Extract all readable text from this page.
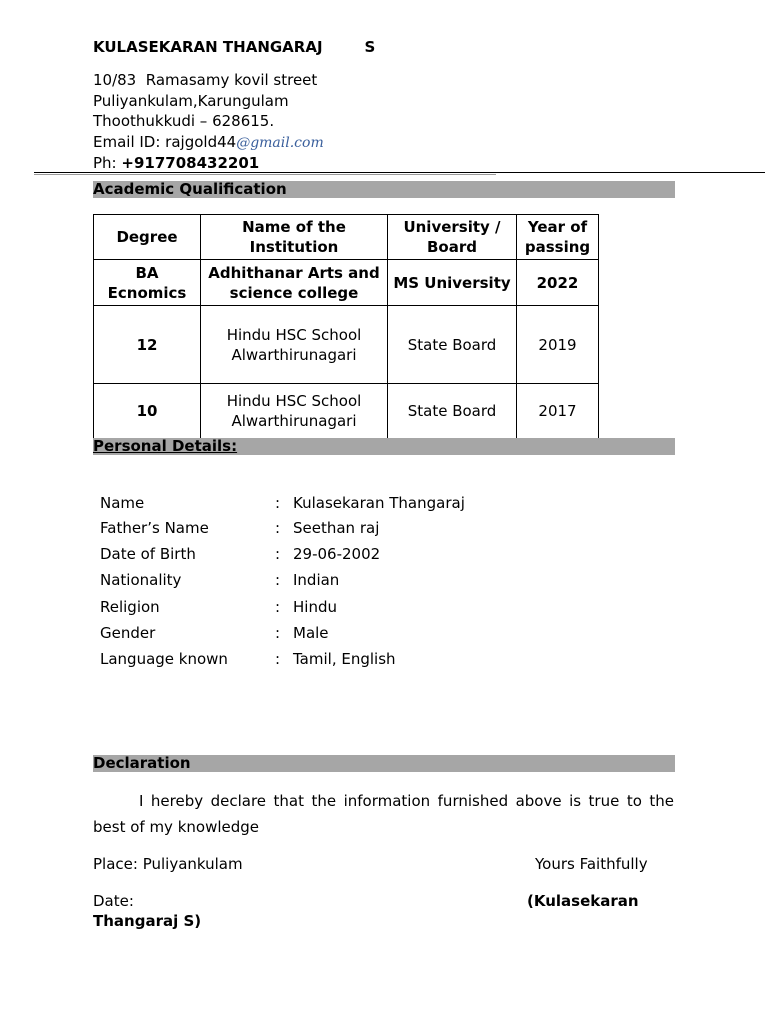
KULASEKARAN THANGARAJ	S
10/83  Ramasamy kovil street
Puliyankulam,Karungulam
Thoothukkudi – 628615.
Email ID: rajgold44@gmail.com
Ph: +917708432201
Academic Qualification
Degree	Name of the Institution	University / Board	Year of passing
BA Ecnomics	Adhithanar Arts and science college	MS University	2022
12	Hindu HSC School Alwarthirunagari	State Board	2019
10	Hindu HSC School Alwarthirunagari	State Board	2017
Personal Details:
Name	: Kulasekaran Thangaraj
Father’s Name	: Seethan raj
Date of Birth	: 29-06-2002
Nationality	: Indian
Religion	: Hindu
Gender	: Male
Language known	: Tamil, English
Declaration
I hereby declare that the information furnished above is true to the best of my knowledge
Place: Puliyankulam	Yours Faithfully
Date:	(Kulasekaran
Thangaraj S)
